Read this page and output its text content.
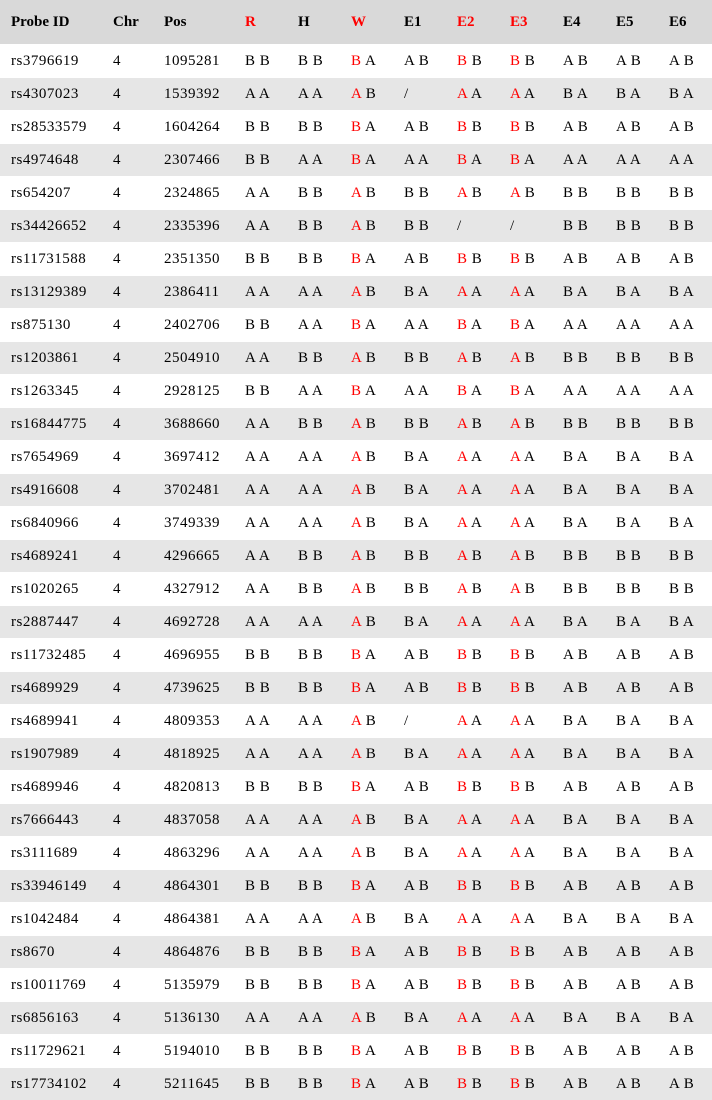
Probe ID	Chr	Pos	R	H	W	E1	E2	E3	E4	E5	E6
rs3796619	4	1095281	B B	B B	B A	A B	B B	B B	A B	A B	A B
rs4307023	4	1539392	A A	A A	A B	/	A A	A A	B A	B A	B A
rs28533579	4	1604264	B B	B B	B A	A B	B B	B B	A B	A B	A B
rs4974648	4	2307466	B B	A A	B A	A A	B A	B A	A A	A A	A A
rs654207	4	2324865	A A	B B	A B	B B	A B	A B	B B	B B	B B
rs34426652	4	2335396	A A	B B	A B	B B	/	/	B B	B B	B B
rs11731588	4	2351350	B B	B B	B A	A B	B B	B B	A B	A B	A B
rs13129389	4	2386411	A A	A A	A B	B A	A A	A A	B A	B A	B A
rs875130	4	2402706	B B	A A	B A	A A	B A	B A	A A	A A	A A
rs1203861	4	2504910	A A	B B	A B	B B	A B	A B	B B	B B	B B
rs1263345	4	2928125	B B	A A	B A	A A	B A	B A	A A	A A	A A
rs16844775	4	3688660	A A	B B	A B	B B	A B	A B	B B	B B	B B
rs7654969	4	3697412	A A	A A	A B	B A	A A	A A	B A	B A	B A
rs4916608	4	3702481	A A	A A	A B	B A	A A	A A	B A	B A	B A
rs6840966	4	3749339	A A	A A	A B	B A	A A	A A	B A	B A	B A
rs4689241	4	4296665	A A	B B	A B	B B	A B	A B	B B	B B	B B
rs1020265	4	4327912	A A	B B	A B	B B	A B	A B	B B	B B	B B
rs2887447	4	4692728	A A	A A	A B	B A	A A	A A	B A	B A	B A
rs11732485	4	4696955	B B	B B	B A	A B	B B	B B	A B	A B	A B
rs4689929	4	4739625	B B	B B	B A	A B	B B	B B	A B	A B	A B
rs4689941	4	4809353	A A	A A	A B	/	A A	A A	B A	B A	B A
rs1907989	4	4818925	A A	A A	A B	B A	A A	A A	B A	B A	B A
rs4689946	4	4820813	B B	B B	B A	A B	B B	B B	A B	A B	A B
rs7666443	4	4837058	A A	A A	A B	B A	A A	A A	B A	B A	B A
rs3111689	4	4863296	A A	A A	A B	B A	A A	A A	B A	B A	B A
rs33946149	4	4864301	B B	B B	B A	A B	B B	B B	A B	A B	A B
rs1042484	4	4864381	A A	A A	A B	B A	A A	A A	B A	B A	B A
rs8670	4	4864876	B B	B B	B A	A B	B B	B B	A B	A B	A B
rs10011769	4	5135979	B B	B B	B A	A B	B B	B B	A B	A B	A B
rs6856163	4	5136130	A A	A A	A B	B A	A A	A A	B A	B A	B A
rs11729621	4	5194010	B B	B B	B A	A B	B B	B B	A B	A B	A B
rs17734102	4	5211645	B B	B B	B A	A B	B B	B B	A B	A B	A B
